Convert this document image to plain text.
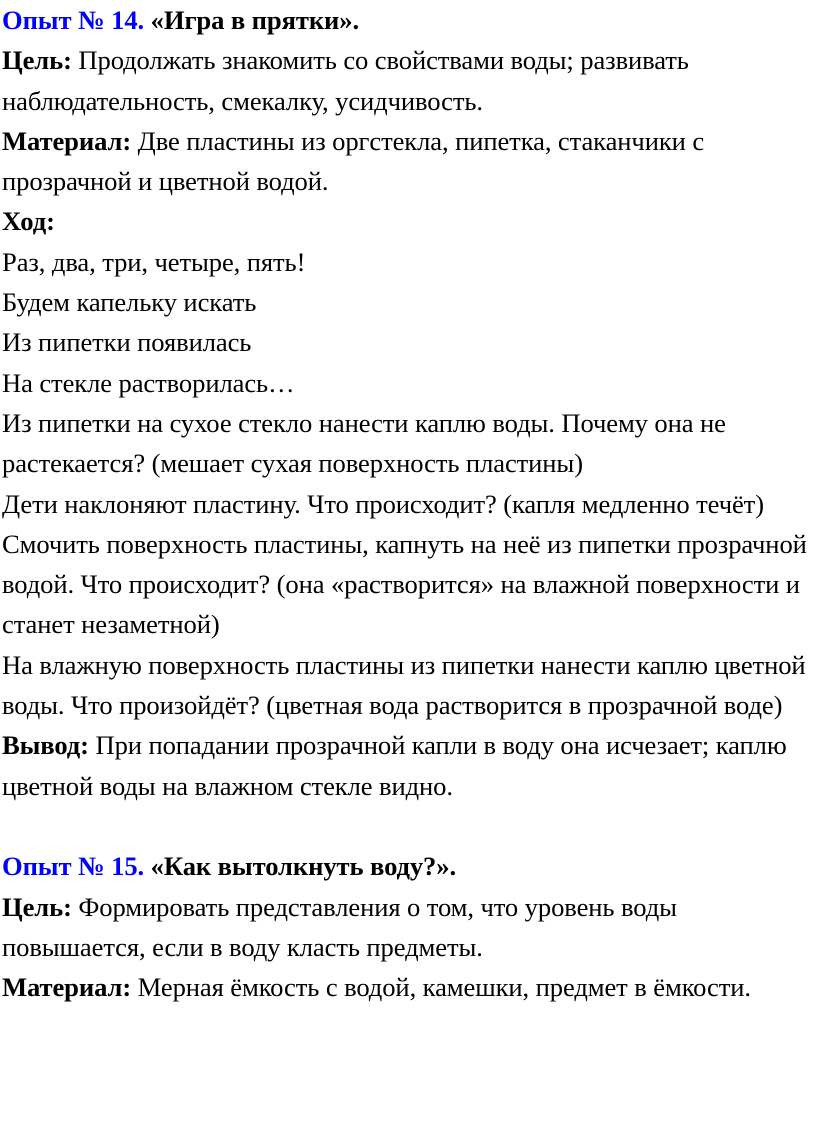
Опыт № 14. «Игра в прятки».
Цель: Продолжать знакомить со свойствами воды; развивать наблюдательность, смекалку, усидчивость.
Материал: Две пластины из оргстекла, пипетка, стаканчики с прозрачной и цветной водой.
Ход:
Раз, два, три, четыре, пять!
Будем капельку искать
Из пипетки появилась
На стекле растворилась…
Из пипетки на сухое стекло нанести каплю воды. Почему она не растекается? (мешает сухая поверхность пластины)
Дети наклоняют пластину. Что происходит? (капля медленно течёт)
Смочить поверхность пластины, капнуть на неё из пипетки прозрачной водой. Что происходит? (она «растворится» на влажной поверхности и станет незаметной)
На влажную поверхность пластины из пипетки нанести каплю цветной воды. Что произойдёт? (цветная вода растворится в прозрачной воде)
Вывод: При попадании прозрачной капли в воду она исчезает; каплю цветной воды на влажном стекле видно.
Опыт № 15. «Как вытолкнуть воду?».
Цель: Формировать представления о том, что уровень воды повышается, если в воду класть предметы.
Материал: Мерная ёмкость с водой, камешки, предмет в ёмкости.
